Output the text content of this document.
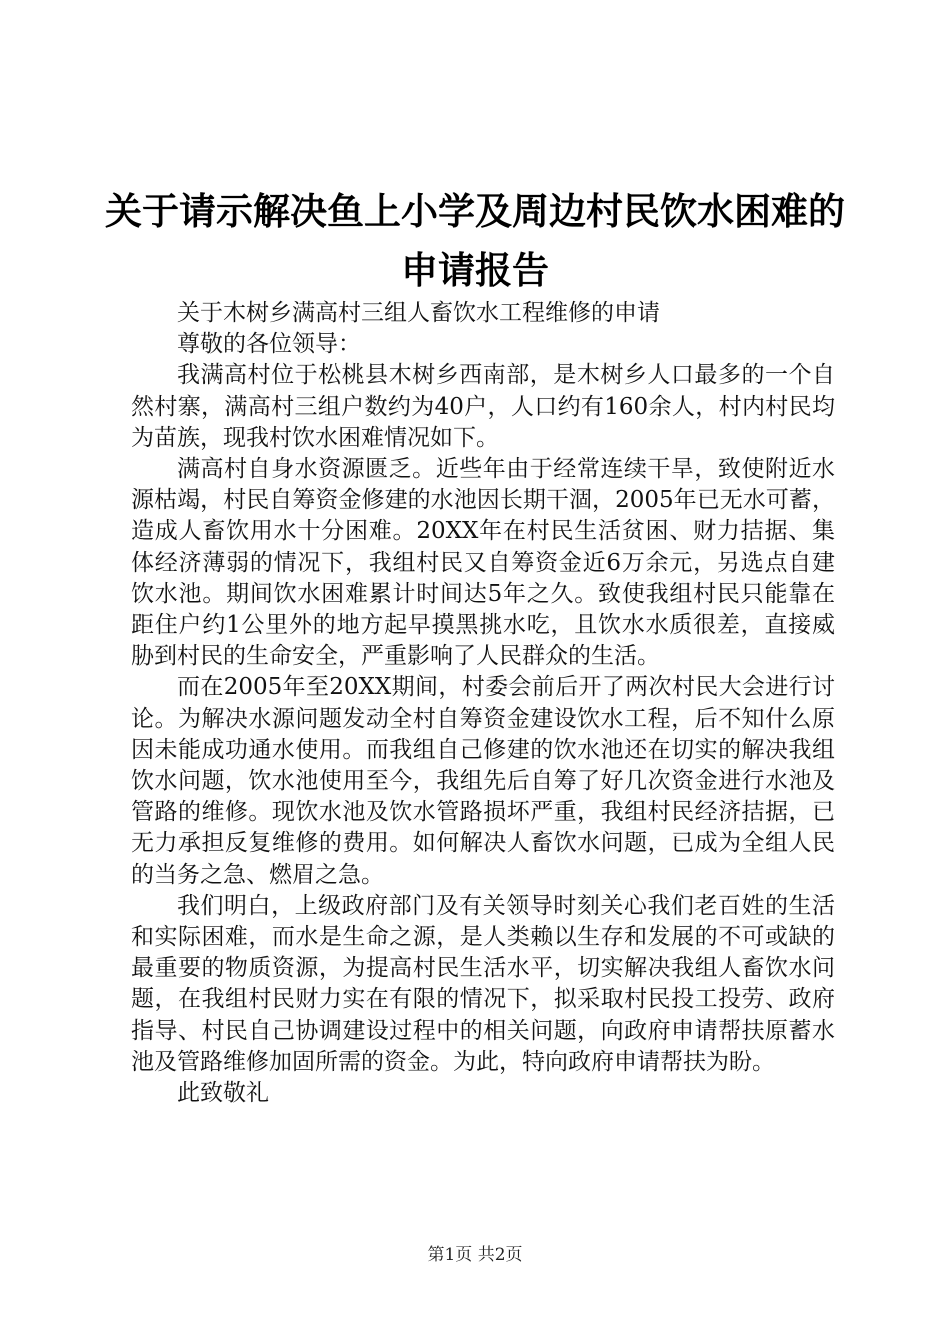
关于请示解决鱼上小学及周边村民饮水困难的
申请报告

关于木树乡满高村三组人畜饮水工程维修的申请

尊敬的各位领导：

我满高村位于松桃县木树乡西南部，是木树乡人口最多的一个自然村寨，满高村三组户数约为40户，人口约有160余人，村内村民均为苗族，现我村饮水困难情况如下。

满高村自身水资源匮乏。近些年由于经常连续干旱，致使附近水源枯竭，村民自筹资金修建的水池因长期干涸，2005年已无水可蓄，造成人畜饮用水十分困难。20XX年在村民生活贫困、财力拮据、集体经济薄弱的情况下，我组村民又自筹资金近6万余元，另选点自建饮水池。期间饮水困难累计时间达5年之久。致使我组村民只能靠在距住户约1公里外的地方起早摸黑挑水吃，且饮水水质很差，直接威胁到村民的生命安全，严重影响了人民群众的生活。

而在2005年至20XX期间，村委会前后开了两次村民大会进行讨论。为解决水源问题发动全村自筹资金建设饮水工程，后不知什么原因未能成功通水使用。而我组自己修建的饮水池还在切实的解决我组饮水问题，饮水池使用至今，我组先后自筹了好几次资金进行水池及管路的维修。现饮水池及饮水管路损坏严重，我组村民经济拮据，已无力承担反复维修的费用。如何解决人畜饮水问题，已成为全组人民的当务之急、燃眉之急。

我们明白，上级政府部门及有关领导时刻关心我们老百姓的生活和实际困难，而水是生命之源，是人类赖以生存和发展的不可或缺的最重要的物质资源，为提高村民生活水平，切实解决我组人畜饮水问题，在我组村民财力实在有限的情况下，拟采取村民投工投劳、政府指导、村民自己协调建设过程中的相关问题，向政府申请帮扶原蓄水池及管路维修加固所需的资金。为此，特向政府申请帮扶为盼。

此致敬礼

第1页 共2页
